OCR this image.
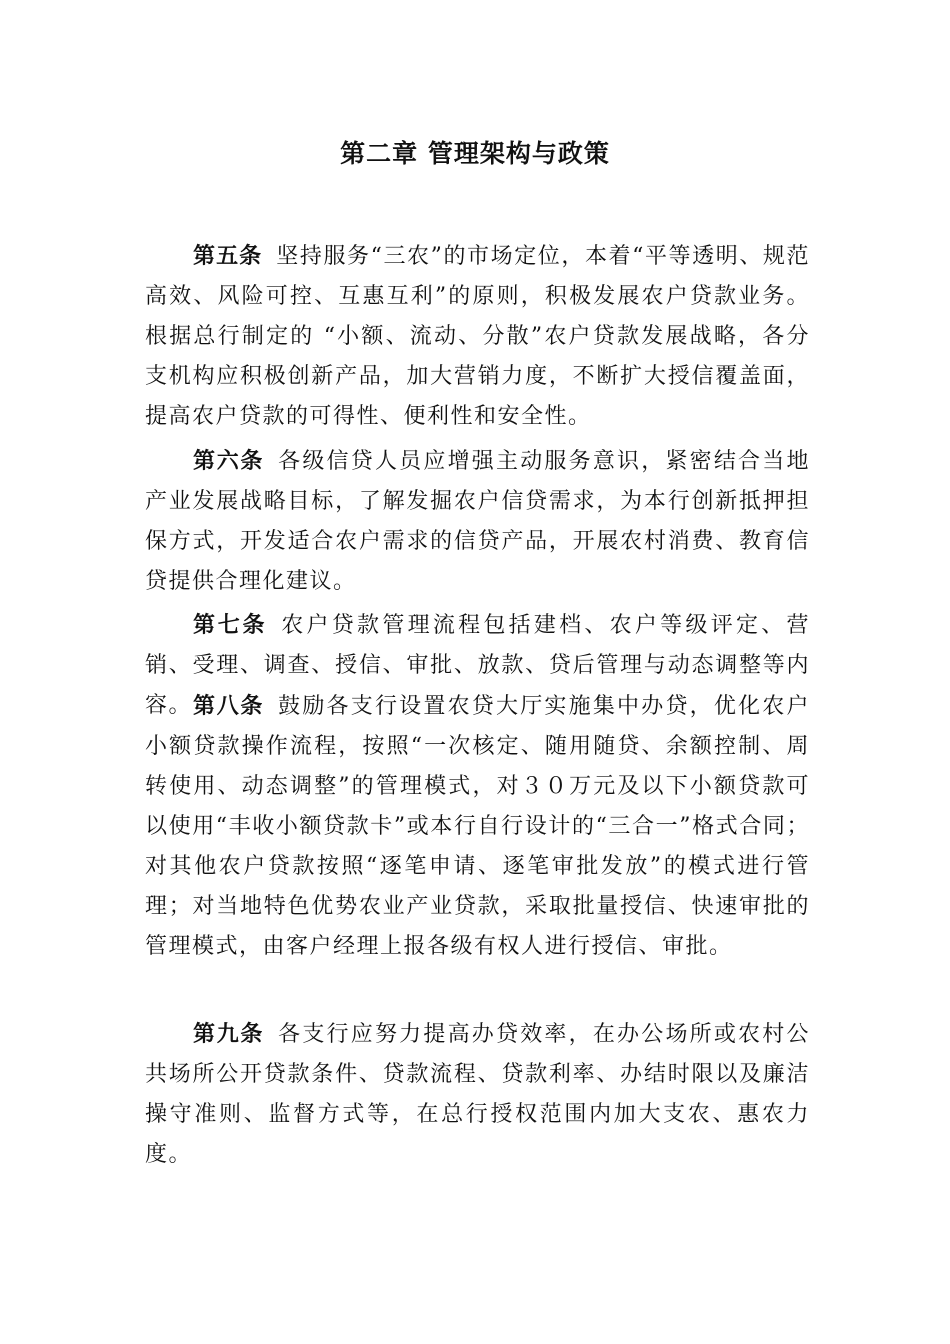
第二章 管理架构与政策

第五条 坚持服务“三农”的市场定位，本着“平等透明、规范高效、风险可控、互惠互利”的原则，积极发展农户贷款业务。根据总行制定的 “小额、流动、分散”农户贷款发展战略，各分支机构应积极创新产品，加大营销力度，不断扩大授信覆盖面，提高农户贷款的可得性、便利性和安全性。

第六条 各级信贷人员应增强主动服务意识，紧密结合当地产业发展战略目标，了解发掘农户信贷需求，为本行创新抵押担保方式，开发适合农户需求的信贷产品，开展农村消费、教育信贷提供合理化建议。

第七条 农户贷款管理流程包括建档、农户等级评定、营销、受理、调查、授信、审批、放款、贷后管理与动态调整等内容。 第八条 鼓励各支行设置农贷大厅实施集中办贷，优化农户小额贷款操作流程，按照“一次核定、随用随贷、余额控制、周转使用、动态调整”的管理模式，对３０万元及以下小额贷款可以使用“丰收小额贷款卡”或本行自行设计的“三合一”格式合同；对其他农户贷款按照“逐笔申请、逐笔审批发放”的模式进行管理；对当地特色优势农业产业贷款，采取批量授信、快速审批的管理模式，由客户经理上报各级有权人进行授信、审批。

第九条 各支行应努力提高办贷效率，在办公场所或农村公共场所公开贷款条件、贷款流程、贷款利率、办结时限以及廉洁操守准则、监督方式等，在总行授权范围内加大支农、惠农力度。
